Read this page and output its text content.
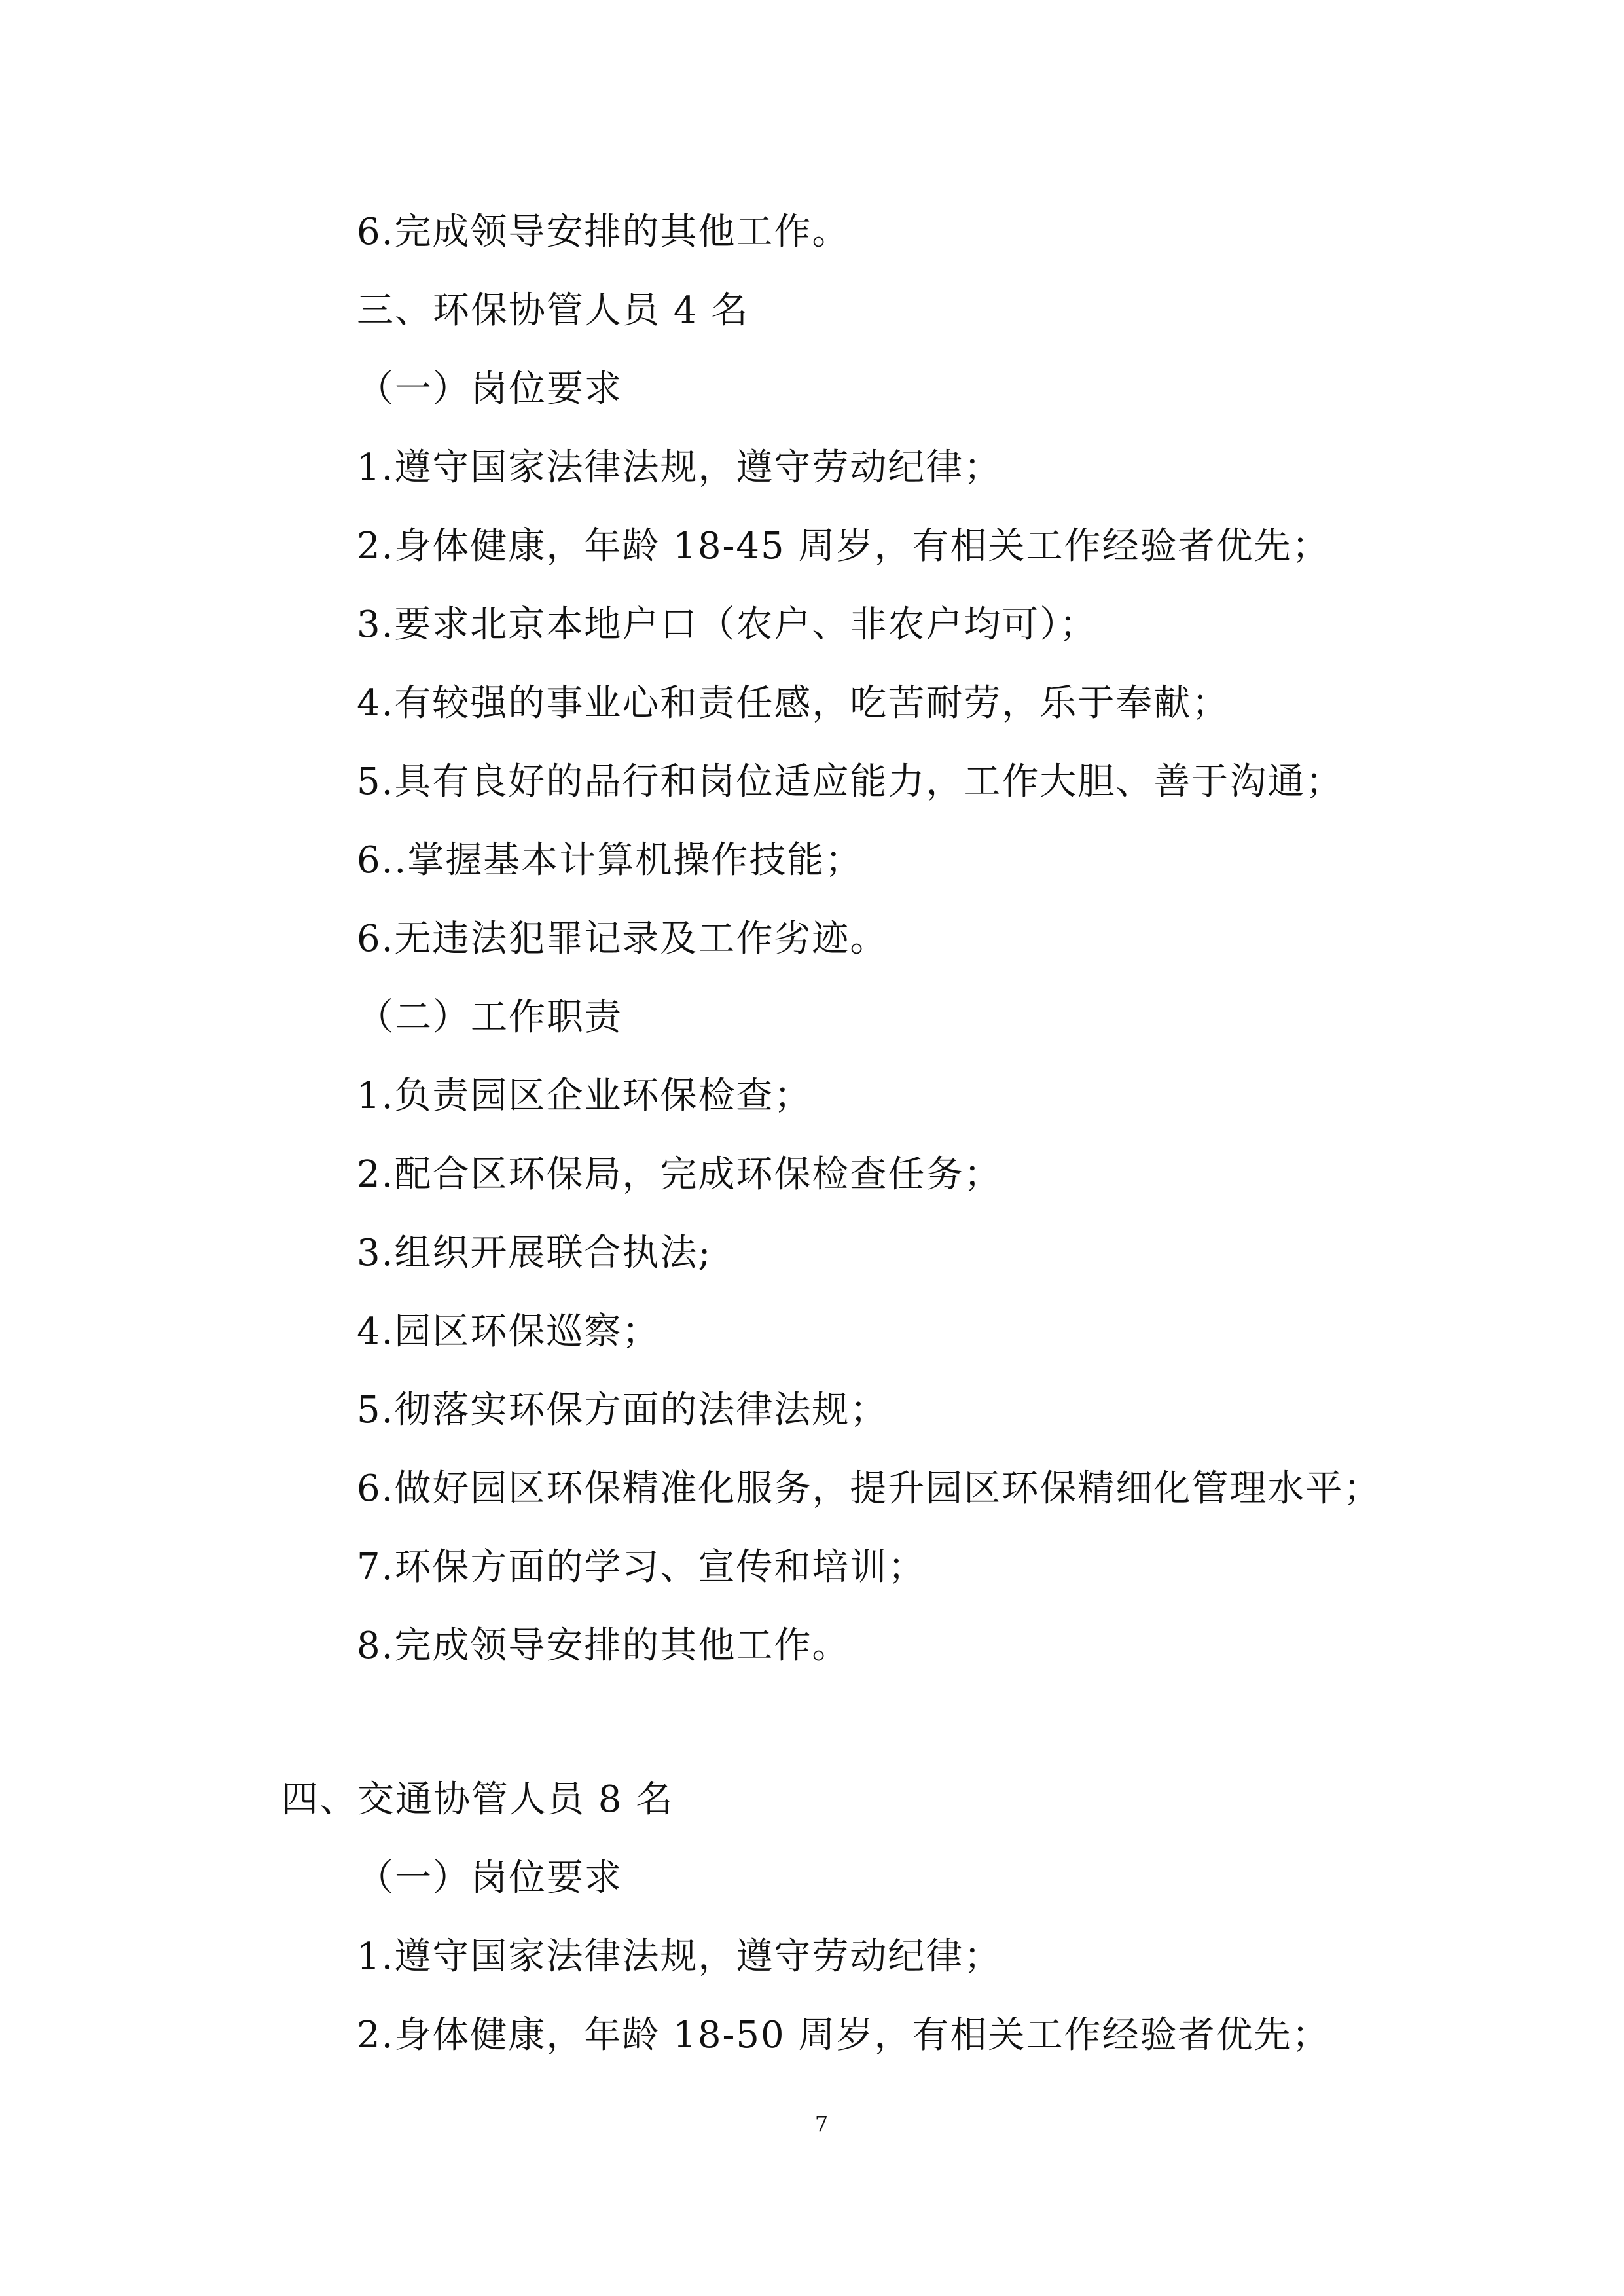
6.完成领导安排的其他工作。
三、环保协管人员 4 名
（一）岗位要求
1.遵守国家法律法规，遵守劳动纪律；
2.身体健康，年龄 18-45 周岁，有相关工作经验者优先；
3.要求北京本地户口（农户、非农户均可）；
4.有较强的事业心和责任感，吃苦耐劳，乐于奉献；
5.具有良好的品行和岗位适应能力，工作大胆、善于沟通；
6..掌握基本计算机操作技能；
6.无违法犯罪记录及工作劣迹。
（二）工作职责
1.负责园区企业环保检查；
2.配合区环保局，完成环保检查任务；
3.组织开展联合执法;
4.园区环保巡察；
5.彻落实环保方面的法律法规；
6.做好园区环保精准化服务，提升园区环保精细化管理水平；
7.环保方面的学习、宣传和培训；
8.完成领导安排的其他工作。
四、交通协管人员 8 名
（一）岗位要求
1.遵守国家法律法规，遵守劳动纪律；
2.身体健康，年龄 18-50 周岁，有相关工作经验者优先；
7
